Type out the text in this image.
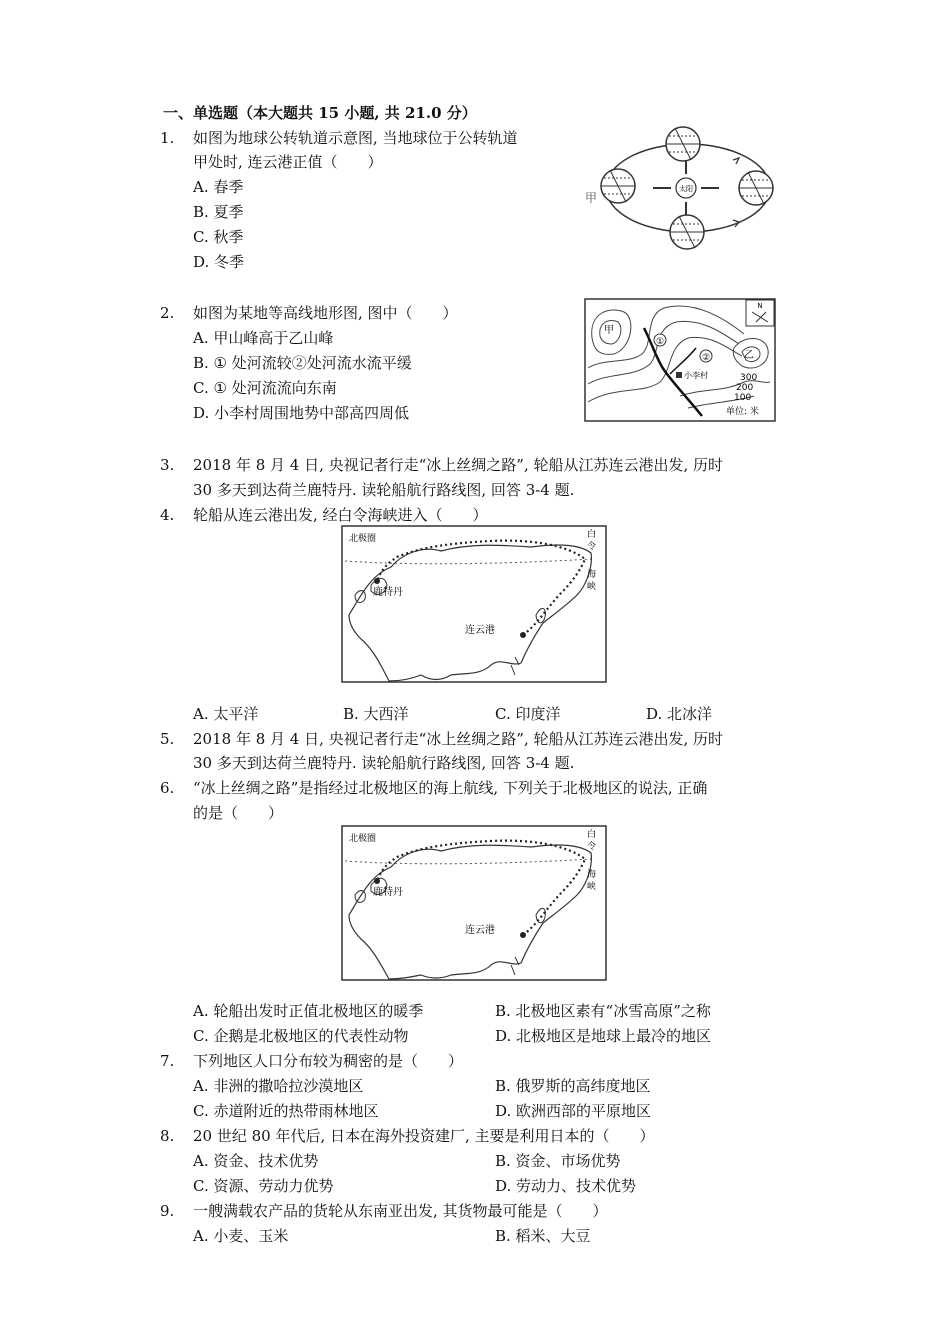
一、单选题（本大题共 15 小题, 共 21.0 分）
1.	如图为地球公转轨道示意图, 当地球位于公转轨道
甲处时, 连云港正值（　　）
A. 春季
B. 夏季
C. 秋季
D. 冬季
太阳
甲
2.	如图为某地等高线地形图, 图中（　　）
A. 甲山峰高于乙山峰
B. ① 处河流较②处河流水流平缓
C. ① 处河流流向东南
D. 小李村周围地势中部高四周低
N
甲
乙
①
②
小李村	300
200
100
单位: 米
3.	2018 年 8 月 4 日, 央视记者行走“冰上丝绸之路”, 轮船从江苏连云港出发, 历时
30 多天到达荷兰鹿特丹. 读轮船航行路线图, 回答 3-4 题.
4.	轮船从连云港出发, 经白令海峡进入（　　）
北极圈
鹿特丹
连云港
白
令
海
峡
A. 太平洋	B. 大西洋	C. 印度洋	D. 北冰洋
5.	2018 年 8 月 4 日, 央视记者行走“冰上丝绸之路”, 轮船从江苏连云港出发, 历时
30 多天到达荷兰鹿特丹. 读轮船航行路线图, 回答 3-4 题.
6.	“冰上丝绸之路”是指经过北极地区的海上航线, 下列关于北极地区的说法, 正确
的是（　　）
北极圈
鹿特丹
连云港
白
令
海
峡
A. 轮船出发时正值北极地区的暖季	B. 北极地区素有“冰雪高原”之称
C. 企鹅是北极地区的代表性动物	D. 北极地区是地球上最冷的地区
7.	下列地区人口分布较为稠密的是（　　）
A. 非洲的撒哈拉沙漠地区	B. 俄罗斯的高纬度地区
C. 赤道附近的热带雨林地区	D. 欧洲西部的平原地区
8.	20 世纪 80 年代后, 日本在海外投资建厂, 主要是利用日本的（　　）
A. 资金、技术优势	B. 资金、市场优势
C. 资源、劳动力优势	D. 劳动力、技术优势
9.	一艘满载农产品的货轮从东南亚出发, 其货物最可能是（　　）
A. 小麦、玉米	B. 稻米、大豆
